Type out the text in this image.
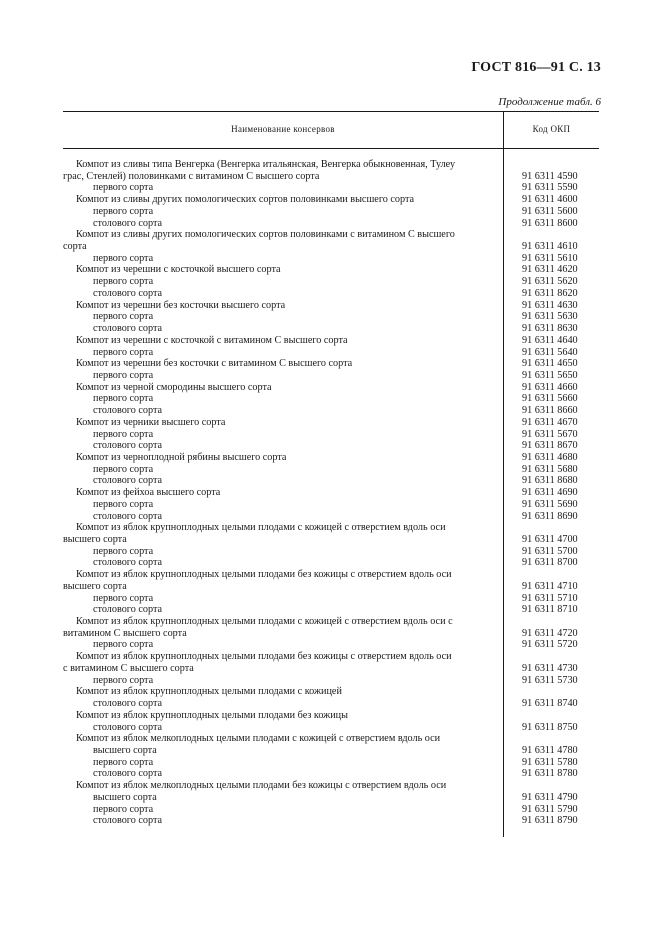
ГОСТ 816—91 С. 13
Продолжение табл. 6
Наименование консервов	Код ОКП
Компот из сливы типа Венгерка (Венгерка итальянская, Венгерка обыкновенная, Тулеу
грас, Стенлей) половинками с витамином С высшего сорта	91 6311 4590
первого сорта	91 6311 5590
Компот из сливы других помологических сортов половинками высшего сорта	91 6311 4600
первого сорта	91 6311 5600
столового сорта	91 6311 8600
Компот из сливы других помологических сортов половинками с витамином С высшего
сорта	91 6311 4610
первого сорта	91 6311 5610
Компот из черешни с косточкой высшего сорта	91 6311 4620
первого сорта	91 6311 5620
столового сорта	91 6311 8620
Компот из черешни без косточки высшего сорта	91 6311 4630
первого сорта	91 6311 5630
столового сорта	91 6311 8630
Компот из черешни с косточкой с витамином С высшего сорта	91 6311 4640
первого сорта	91 6311 5640
Компот из черешни без косточки с витамином С высшего сорта	91 6311 4650
первого сорта	91 6311 5650
Компот из черной смородины высшего сорта	91 6311 4660
первого сорта	91 6311 5660
столового сорта	91 6311 8660
Компот из черники высшего сорта	91 6311 4670
первого сорта	91 6311 5670
столового сорта	91 6311 8670
Компот из черноплодной рябины высшего сорта	91 6311 4680
первого сорта	91 6311 5680
столового сорта	91 6311 8680
Компот из фейхоа высшего сорта	91 6311 4690
первого сорта	91 6311 5690
столового сорта	91 6311 8690
Компот из яблок крупноплодных целыми плодами с кожицей с отверстием вдоль оси
высшего сорта	91 6311 4700
первого сорта	91 6311 5700
столового сорта	91 6311 8700
Компот из яблок крупноплодных целыми плодами без кожицы с отверстием вдоль оси
высшего сорта	91 6311 4710
первого сорта	91 6311 5710
столового сорта	91 6311 8710
Компот из яблок крупноплодных целыми плодами с кожицей с отверстием вдоль оси с
витамином С высшего сорта	91 6311 4720
первого сорта	91 6311 5720
Компот из яблок крупноплодных целыми плодами без кожицы с отверстием вдоль оси
с витамином С высшего сорта	91 6311 4730
первого сорта	91 6311 5730
Компот из яблок крупноплодных целыми плодами с кожицей
столового сорта	91 6311 8740
Компот из яблок крупноплодных целыми плодами без кожицы
столового сорта	91 6311 8750
Компот из яблок мелкоплодных целыми плодами с кожицей с отверстием вдоль оси
высшего сорта	91 6311 4780
первого сорта	91 6311 5780
столового сорта	91 6311 8780
Компот из яблок мелкоплодных целыми плодами без кожицы с отверстием вдоль оси
высшего сорта	91 6311 4790
первого сорта	91 6311 5790
столового сорта	91 6311 8790
